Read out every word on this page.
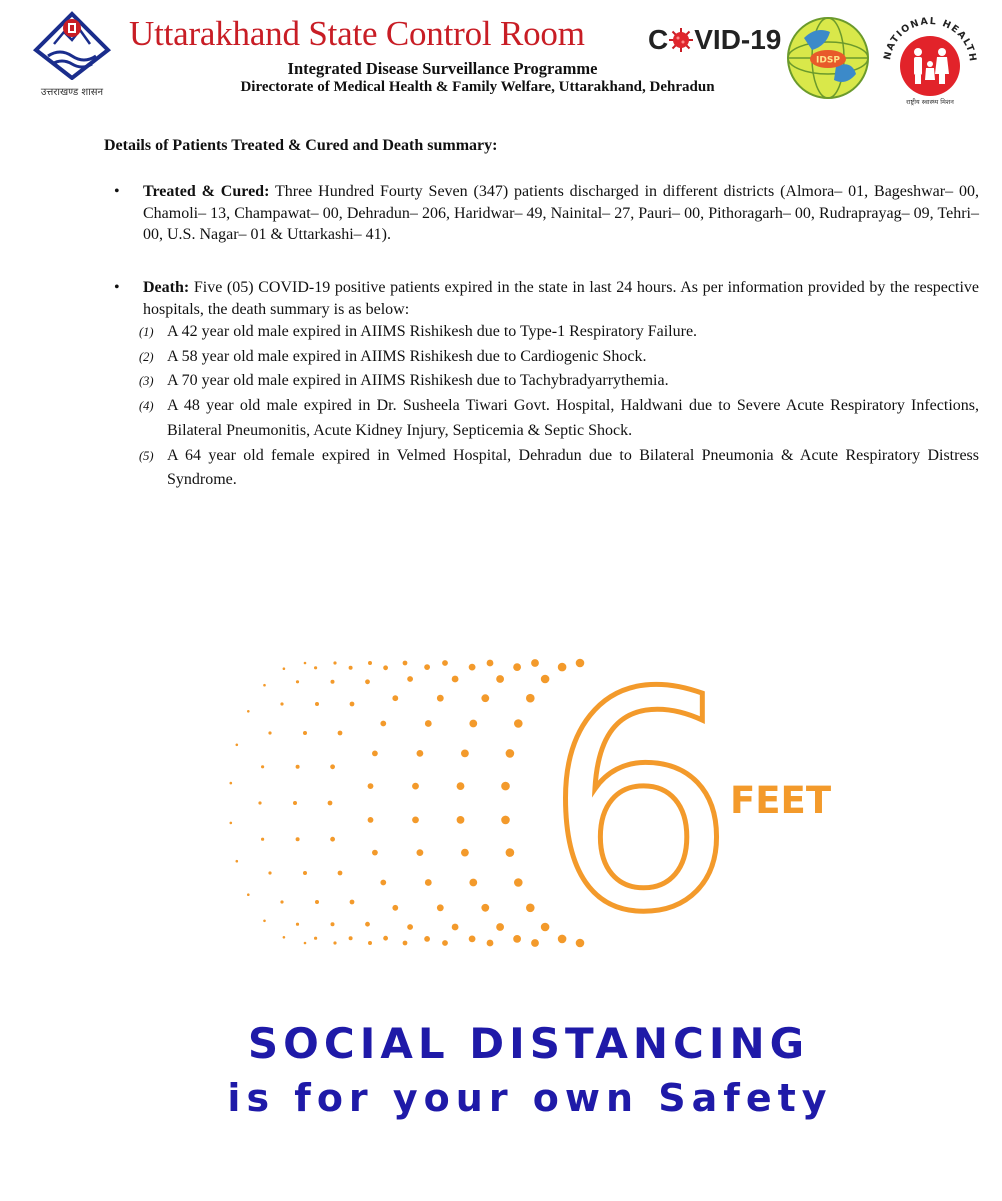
उत्तराखण्ड शासन
Uttarakhand State Control Room	C VID-19
Integrated Disease Surveillance Programme
Directorate of Medical Health & Family Welfare, Uttarakhand, Dehradun
IDSP	NATIONAL HEALTH
राष्ट्रीय स्वास्थ्य मिशन
Details of Patients Treated & Cured and Death summary:
• Treated & Cured: Three Hundred Fourty Seven (347) patients discharged in different districts (Almora– 01, Bageshwar– 00, Chamoli– 13, Champawat– 00, Dehradun– 206, Haridwar– 49, Nainital– 27, Pauri– 00, Pithoragarh– 00, Rudraprayag– 09, Tehri– 00, U.S. Nagar– 01 & Uttarkashi– 41).
• Death: Five (05) COVID-19 positive patients expired in the state in last 24 hours. As per information provided by the respective hospitals, the death summary is as below:
(1) A 42 year old male expired in AIIMS Rishikesh due to Type-1 Respiratory Failure.
(2) A 58 year old male expired in AIIMS Rishikesh due to Cardiogenic Shock.
(3) A 70 year old male expired in AIIMS Rishikesh due to Tachybradyarrythemia.
(4) A 48 year old male expired in Dr. Susheela Tiwari Govt. Hospital, Haldwani due to Severe Acute Respiratory Infections, Bilateral Pneumonitis, Acute Kidney Injury, Septicemia & Septic Shock.
(5) A 64 year old female expired in Velmed Hospital, Dehradun due to Bilateral Pneumonia & Acute Respiratory Distress Syndrome.
6
FEET
SOCIAL DISTANCING
is for your own Safety
